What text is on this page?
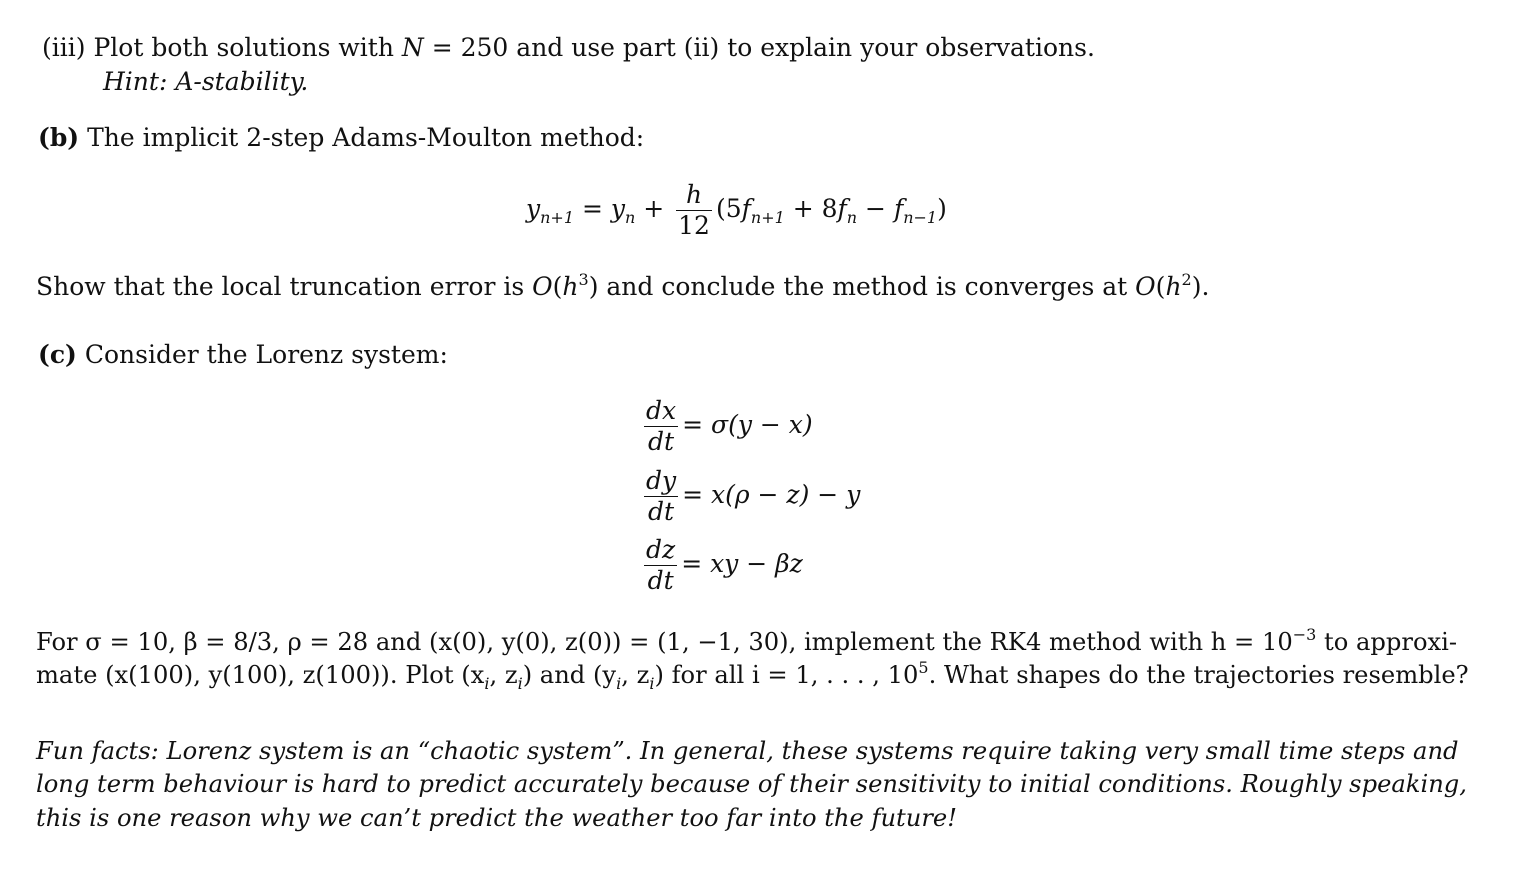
(iii) Plot both solutions with N = 250 and use part (ii) to explain your observations.
Hint: A-stability.
(b) The implicit 2-step Adams-Moulton method:
$y_{n+1} = y_n + \frac{h}{12} (5f_{n+1} + 8f_n - f_{n-1})$
Show that the local truncation error is $O(h^3)$ and conclude the method is converges at $O(h^2)$.
(c) Consider the Lorenz system:
$\frac{dx}{dt} = \sigma(y - x)$
$\frac{dy}{dt} = x(\rho - z) - y$
$\frac{dz}{dt}$ = xy − βz
For σ = 10, β = 8/3, ρ = 28 and (x(0), y(0), z(0)) = (1, −1, 30), implement the RK4 method with $h = 10^{-3}$ to approxi-
mate (x(100), y(100), z(100)). Plot ($x_i$, $z_i$) and ($y_i$, $z_i$) for all i = 1, . . . , $10^5$. What shapes do the trajectories resemble?
Fun facts: Lorenz system is an “chaotic system”. In general, these systems require taking very small time steps and
long term behaviour is hard to predict accurately because of their sensitivity to initial conditions. Roughly speaking,
this is one reason why we can’t predict the weather too far into the future!
